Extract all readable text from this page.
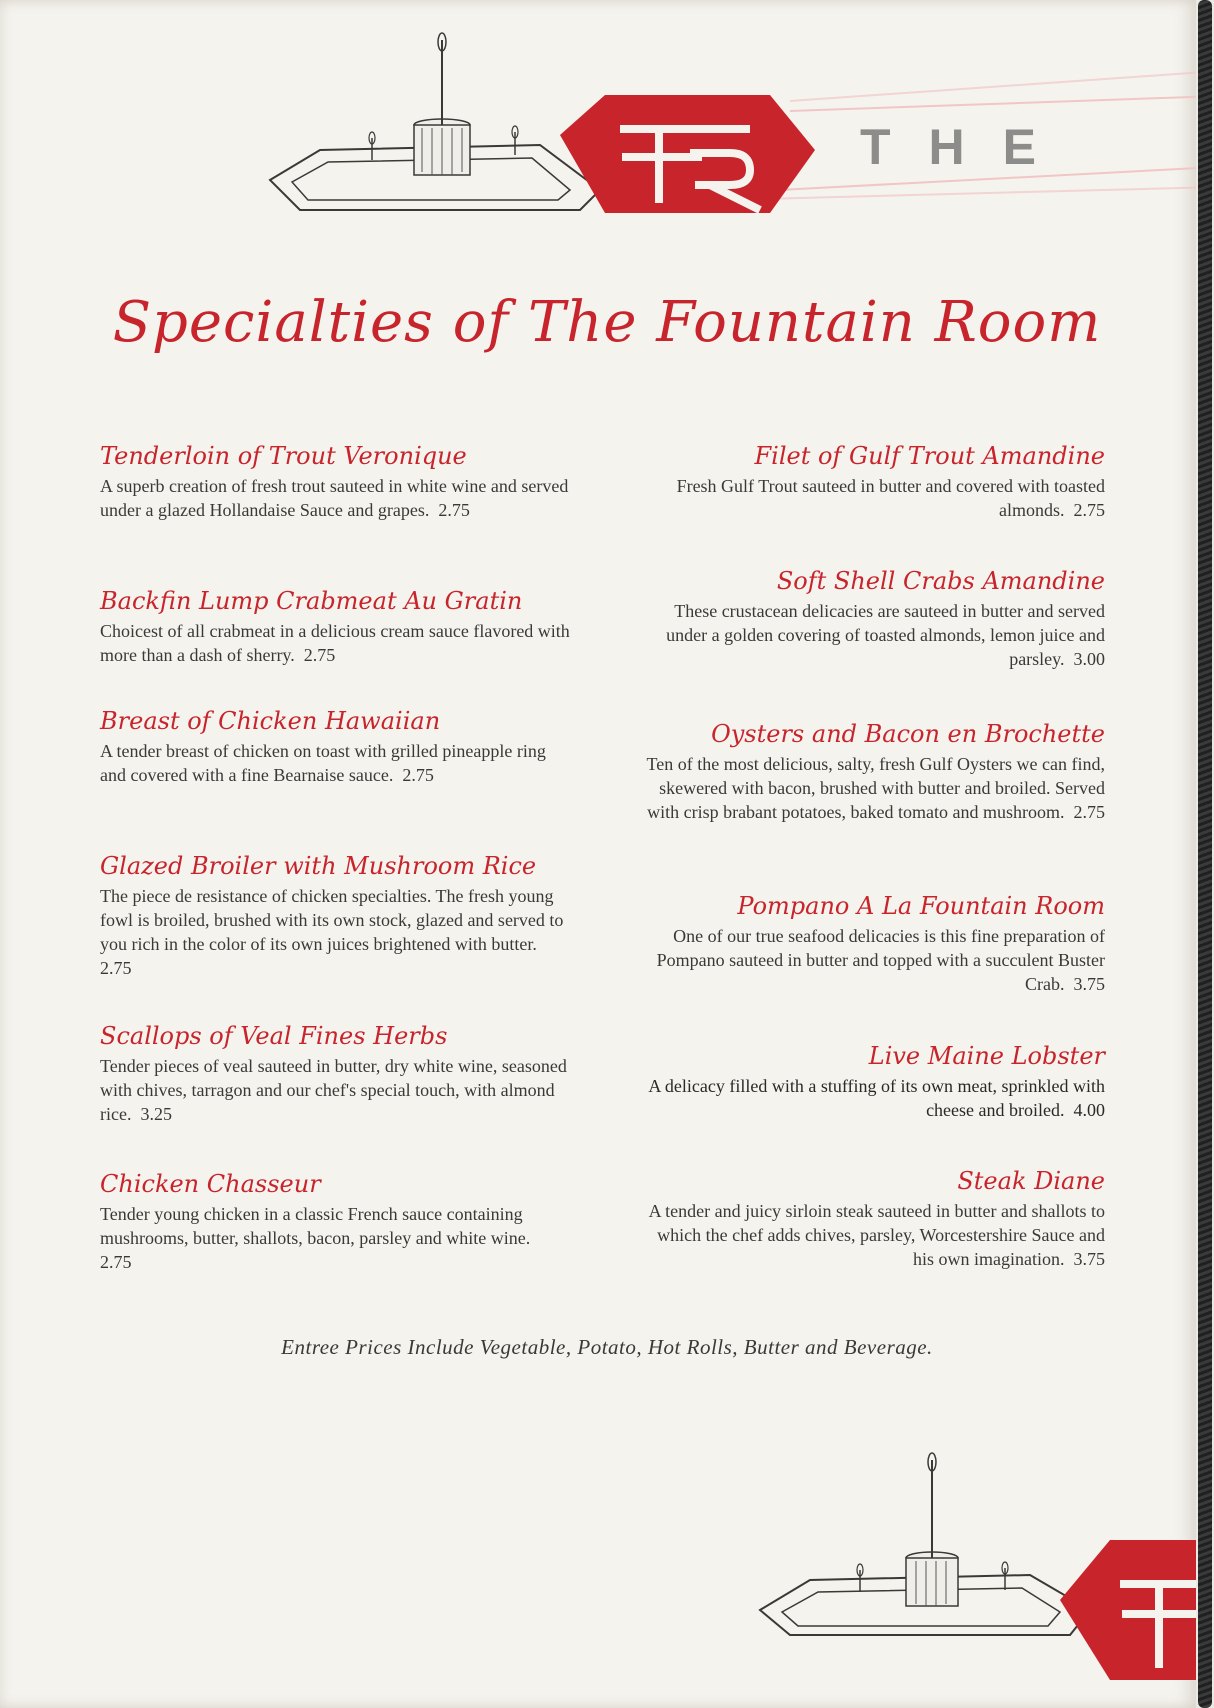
THE
Specialties of The Fountain Room
Tenderloin of Trout Veronique
A superb creation of fresh trout sauteed in white wine and served under a glazed Hollandaise Sauce and grapes. 2.75
Backfin Lump Crabmeat Au Gratin
Choicest of all crabmeat in a delicious cream sauce flavored with more than a dash of sherry. 2.75
Breast of Chicken Hawaiian
A tender breast of chicken on toast with grilled pineapple ring and covered with a fine Bearnaise sauce. 2.75
Glazed Broiler with Mushroom Rice
The piece de resistance of chicken specialties. The fresh young fowl is broiled, brushed with its own stock, glazed and served to you rich in the color of its own juices brightened with butter.  2.75
Scallops of Veal Fines Herbs
Tender pieces of veal sauteed in butter, dry white wine, seasoned with chives, tarragon and our chef's special touch, with almond rice. 3.25
Chicken Chasseur
Tender young chicken in a classic French sauce containing mushrooms, butter, shallots, bacon, parsley and white wine.  2.75
Filet of Gulf Trout Amandine
Fresh Gulf Trout sauteed in butter and covered with toasted almonds. 2.75
Soft Shell Crabs Amandine
These crustacean delicacies are sauteed in butter and served under a golden covering of toasted almonds, lemon juice and parsley. 3.00
Oysters and Bacon en Brochette
Ten of the most delicious, salty, fresh Gulf Oysters we can find, skewered with bacon, brushed with butter and broiled. Served with crisp brabant potatoes, baked tomato and mushroom. 2.75
Pompano A La Fountain Room
One of our true seafood delicacies is this fine preparation of Pompano sauteed in butter and topped with a succulent Buster Crab. 3.75
Live Maine Lobster
A delicacy filled with a stuffing of its own meat, sprinkled with cheese and broiled. 4.00
Steak Diane
A tender and juicy sirloin steak sauteed in butter and shallots to which the chef adds chives, parsley, Worcestershire Sauce and his own imagination. 3.75
Entree Prices Include Vegetable, Potato, Hot Rolls, Butter and Beverage.
